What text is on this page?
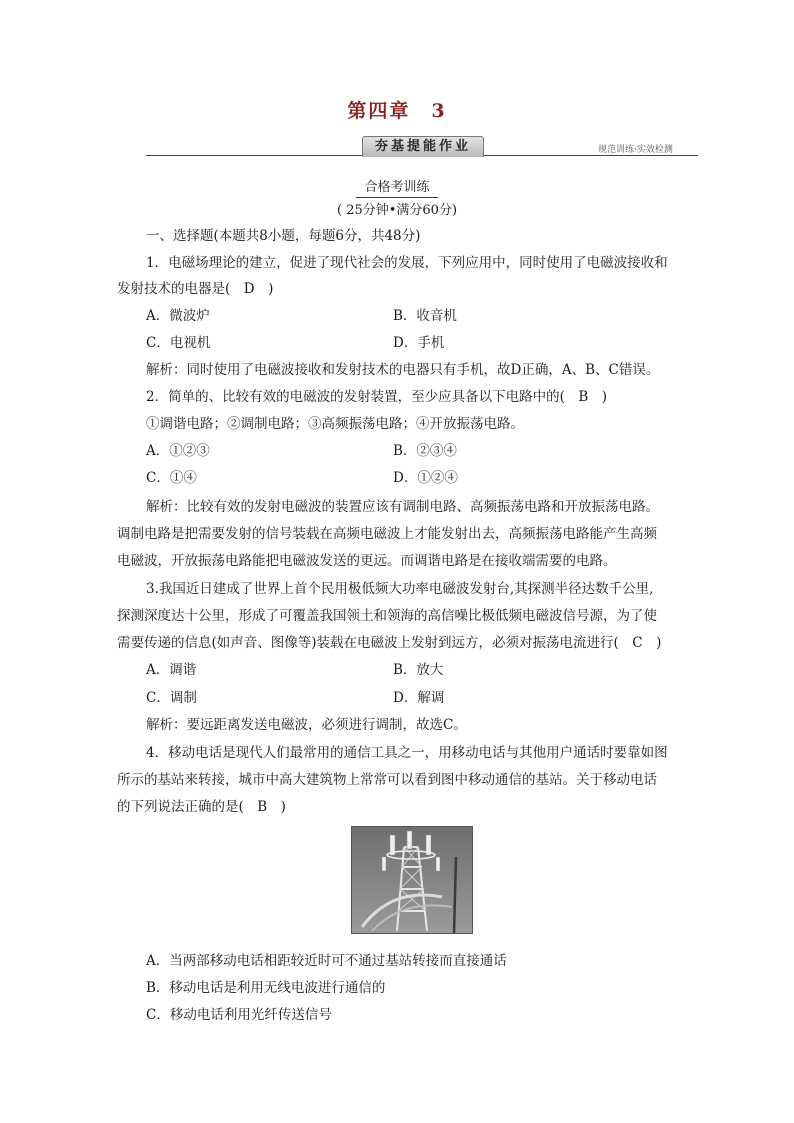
第四章　3
夯基提能作业	规范训练·实效检测
合格考训练
( 25分钟•满分60分)
一、选择题(本题共8小题，每题6分，共48分)
1．电磁场理论的建立，促进了现代社会的发展，下列应用中，同时使用了电磁波接收和
发射技术的电器是(　D　)
A．微波炉	B．收音机
C．电视机	D．手机
解析：同时使用了电磁波接收和发射技术的电器只有手机，故D正确，A、B、C错误。
2．简单的、比较有效的电磁波的发射装置，至少应具备以下电路中的(　B　)
①调谐电路；②调制电路；③高频振荡电路；④开放振荡电路。
A．①②③	B．②③④
C．①④	D．①②④
解析：比较有效的发射电磁波的装置应该有调制电路、高频振荡电路和开放振荡电路。
调制电路是把需要发射的信号装载在高频电磁波上才能发射出去，高频振荡电路能产生高频
电磁波，开放振荡电路能把电磁波发送的更远。而调谐电路是在接收端需要的电路。
3.我国近日建成了世界上首个民用极低频大功率电磁波发射台,其探测半径达数千公里,
探测深度达十公里，形成了可覆盖我国领土和领海的高信噪比极低频电磁波信号源，为了使
需要传递的信息(如声音、图像等)装载在电磁波上发射到远方，必须对振荡电流进行(　C　)
A．调谐	B．放大
C．调制	D．解调
解析：要远距离发送电磁波，必须进行调制，故选C。
4．移动电话是现代人们最常用的通信工具之一，用移动电话与其他用户通话时要靠如图
所示的基站来转接，城市中高大建筑物上常常可以看到图中移动通信的基站。关于移动电话
的下列说法正确的是(　B　)
A．当两部移动电话相距较近时可不通过基站转接而直接通话
B．移动电话是利用无线电波进行通信的
C．移动电话利用光纤传送信号
